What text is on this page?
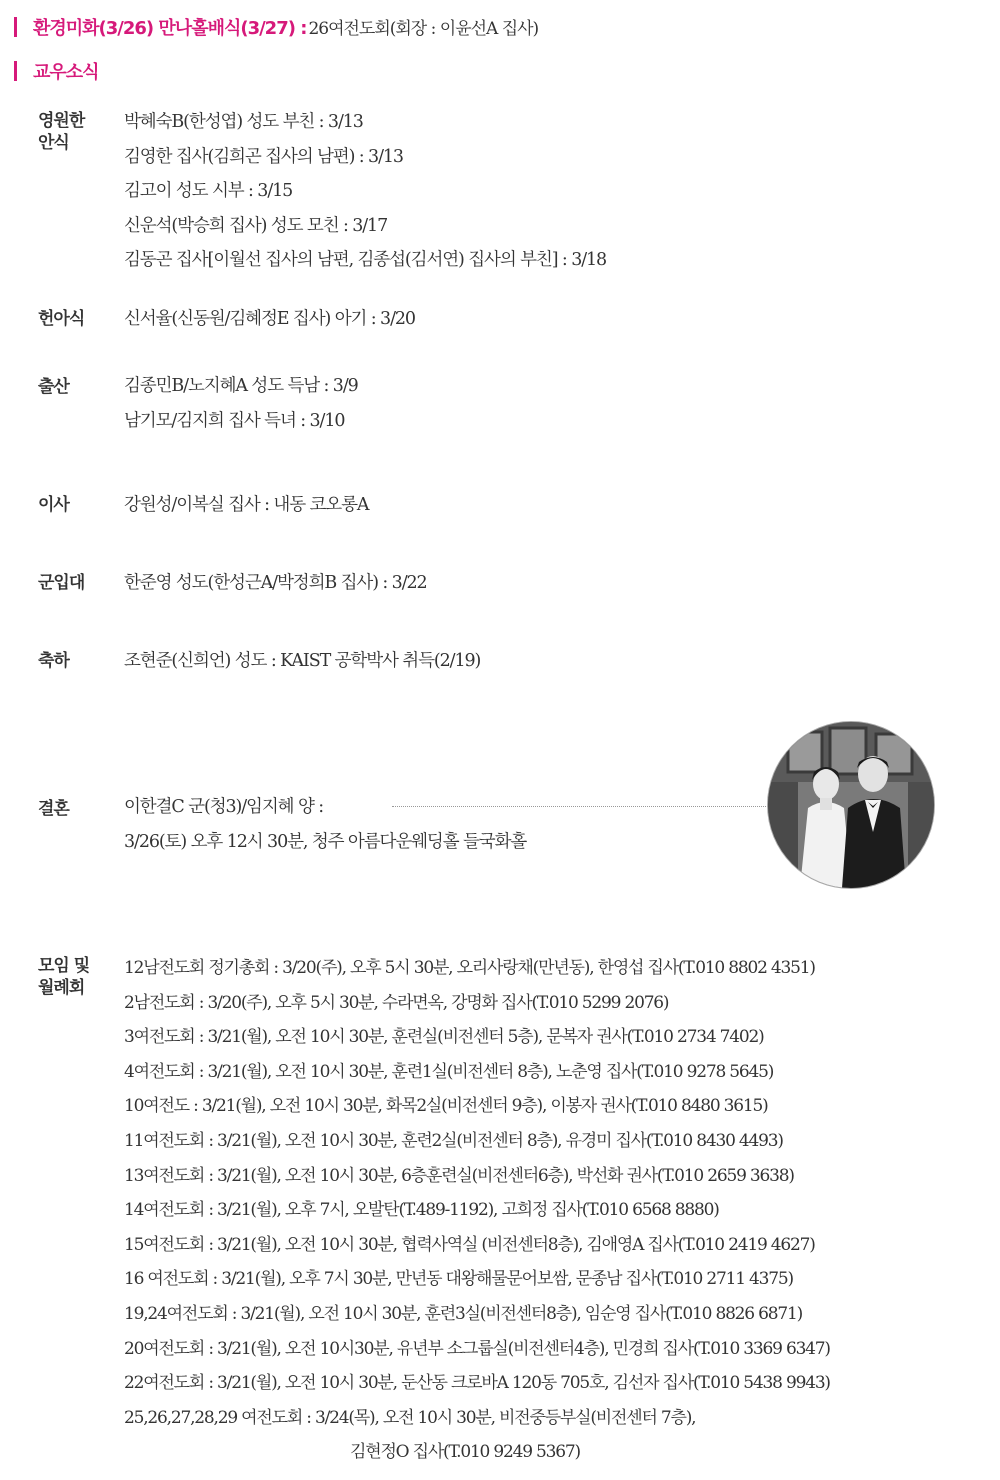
환경미화(3/26) 만나홀배식(3/27) : 26여전도회(회장 : 이윤선A 집사)
교우소식
영원한 안식
박혜숙B(한성엽) 성도 부친 : 3/13
김영한 집사(김희곤 집사의 남편) : 3/13
김고이 성도 시부 : 3/15
신운석(박승희 집사) 성도 모친 : 3/17
김동곤 집사[이월선 집사의 남편, 김종섭(김서연) 집사의 부친] : 3/18
헌아식	신서율(신동원/김혜정E 집사) 아기 : 3/20
출산	김종민B/노지혜A 성도 득남 : 3/9
남기모/김지희 집사 득녀 : 3/10
이사	강원성/이복실 집사 : 내동 코오롱A
군입대	한준영 성도(한성근A/박정희B 집사) : 3/22
축하	조현준(신희언) 성도 : KAIST 공학박사 취득(2/19)
결혼	이한결C 군(청3)/임지혜 양 :
3/26(토) 오후 12시 30분, 청주 아름다운웨딩홀 들국화홀
모임 및 월례회
12남전도회 정기총회 : 3/20(주), 오후 5시 30분, 오리사랑채(만년동), 한영섭 집사(T.010 8802 4351)
2남전도회 : 3/20(주), 오후 5시 30분, 수라면옥, 강명화 집사(T.010 5299 2076)
3여전도회 : 3/21(월), 오전 10시 30분, 훈련실(비전센터 5층), 문복자 권사(T.010 2734 7402)
4여전도회 : 3/21(월), 오전 10시 30분, 훈련1실(비전센터 8층), 노춘영 집사(T.010 9278 5645)
10여전도 : 3/21(월), 오전 10시 30분, 화목2실(비전센터 9층), 이봉자 권사(T.010 8480 3615)
11여전도회 : 3/21(월), 오전 10시 30분, 훈련2실(비전센터 8층), 유경미 집사(T.010 8430 4493)
13여전도회 : 3/21(월), 오전 10시 30분, 6층훈련실(비전센터6층), 박선화 권사(T.010 2659 3638)
14여전도회 : 3/21(월), 오후 7시, 오발탄(T.489-1192), 고희정 집사(T.010 6568 8880)
15여전도회 : 3/21(월), 오전 10시 30분, 협력사역실 (비전센터8층), 김애영A 집사(T.010 2419 4627)
16 여전도회 : 3/21(월), 오후 7시 30분, 만년동 대왕해물문어보쌈, 문종남 집사(T.010 2711 4375)
19,24여전도회 : 3/21(월), 오전 10시 30분, 훈련3실(비전센터8층), 임순영 집사(T.010 8826 6871)
20여전도회 : 3/21(월), 오전 10시30분, 유년부 소그룹실(비전센터4층), 민경희 집사(T.010 3369 6347)
22여전도회 : 3/21(월), 오전 10시 30분, 둔산동 크로바A 120동 705호, 김선자 집사(T.010 5438 9943)
25,26,27,28,29 여전도회 : 3/24(목), 오전 10시 30분, 비전중등부실(비전센터 7층),
김현정O 집사(T.010 9249 5367)
